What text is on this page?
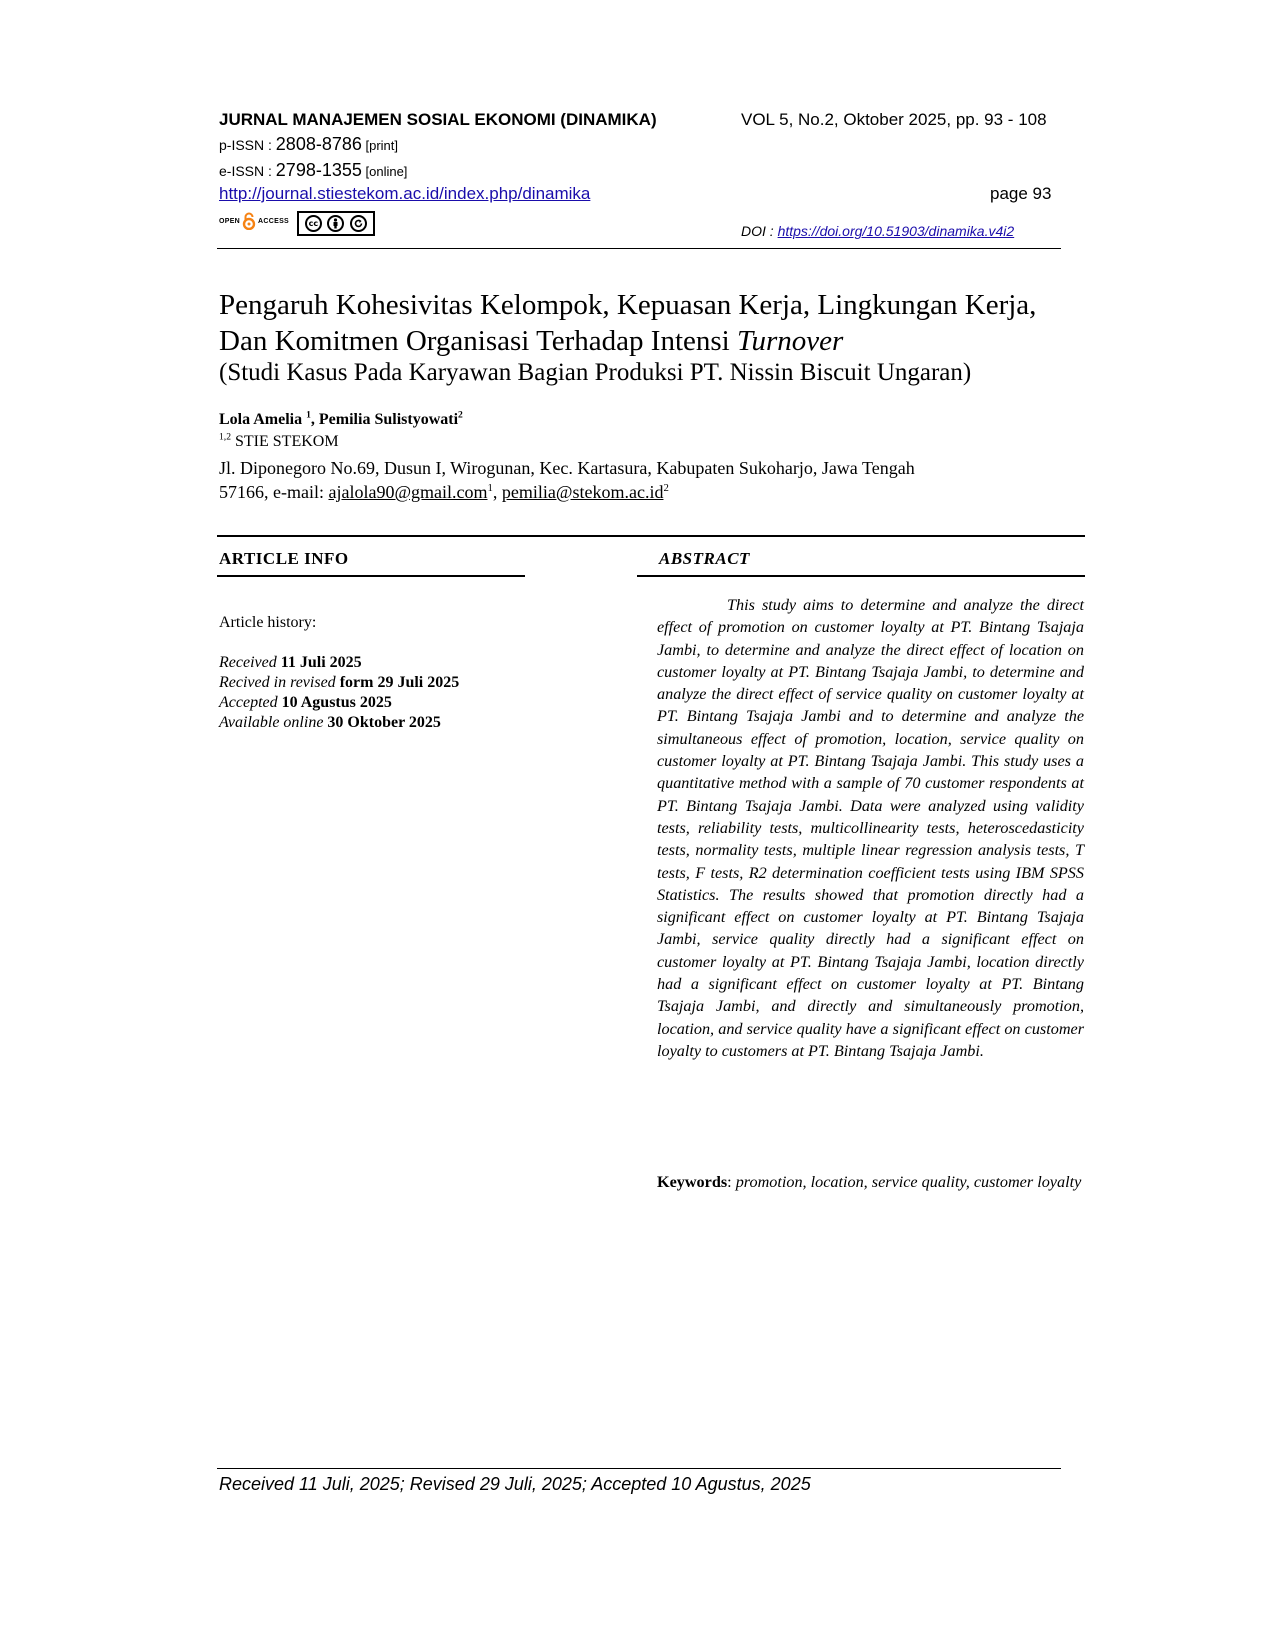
JURNAL MANAJEMEN SOSIAL EKONOMI (DINAMIKA)	VOL 5, No.2, Oktober 2025, pp. 93 - 108
p-ISSN : 2808-8786 [print]
e-ISSN : 2798-1355 [online]
http://journal.stiestekom.ac.id/index.php/dinamika	page 93
OPEN	ACCESS	cc	DOI : https://doi.org/10.51903/dinamika.v4i2
Pengaruh Kohesivitas Kelompok, Kepuasan Kerja, Lingkungan Kerja, Dan Komitmen Organisasi Terhadap Intensi Turnover
(Studi Kasus Pada Karyawan Bagian Produksi PT. Nissin Biscuit Ungaran)
Lola Amelia $^1$, Pemilia Sulistyowati$^2$
$^{1,2}$ STIE STEKOM
Jl. Diponegoro No.69, Dusun I, Wirogunan, Kec. Kartasura, Kabupaten Sukoharjo, Jawa Tengah
57166, e-mail: ajalola90@gmail.com$^1$, $pemilia@stekom.ac.id^2$
ARTICLE INFO	ABSTRACT
Article history:
Received 11 Juli 2025
Recived in revised form 29 Juli 2025
Accepted 10 Agustus 2025
Available online 30 Oktober 2025

This study aims to determine and analyze the direct effect of promotion on customer loyalty at PT. Bintang Tsajaja Jambi, to determine and analyze the direct effect of location on customer loyalty at PT. Bintang Tsajaja Jambi, to determine and analyze the direct effect of service quality on customer loyalty at PT. Bintang Tsajaja Jambi and to determine and analyze the simultaneous effect of promotion, location, service quality on customer loyalty at PT. Bintang Tsajaja Jambi. This study uses a quantitative method with a sample of 70 customer respondents at PT. Bintang Tsajaja Jambi. Data were analyzed using validity tests, reliability tests, multicollinearity tests, heteroscedasticity tests, normality tests, multiple linear regression analysis tests, T tests, F tests, R2 determination coefficient tests using IBM SPSS Statistics. The results showed that promotion directly had a significant effect on customer loyalty at PT. Bintang Tsajaja Jambi, service quality directly had a significant effect on customer loyalty at PT. Bintang Tsajaja Jambi, location directly had a significant effect on customer loyalty at PT. Bintang Tsajaja Jambi, and directly and simultaneously promotion, location, and service quality have a significant effect on customer loyalty to customers at PT. Bintang Tsajaja Jambi.

Keywords: promotion, location, service quality, customer loyalty

Received 11 Juli, 2025; Revised 29 Juli, 2025; Accepted 10 Agustus, 2025
